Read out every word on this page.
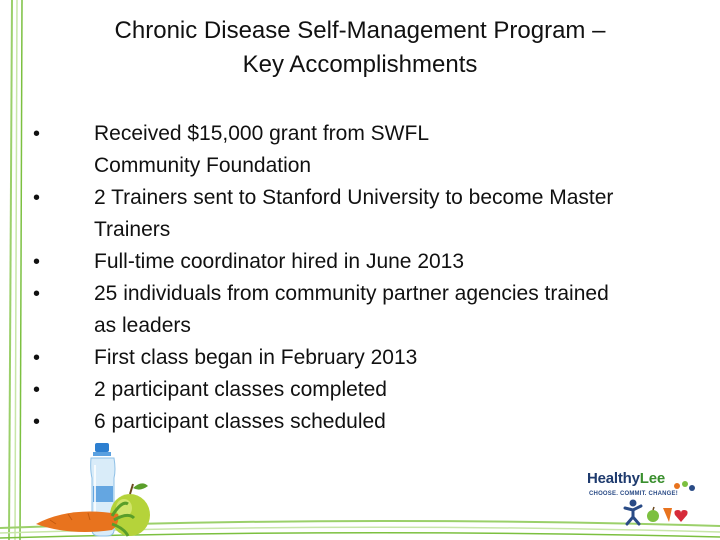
Chronic Disease Self-Management Program –
Key Accomplishments
•	Received $15,000 grant from SWFL
Community Foundation
•	2 Trainers sent to Stanford University to become Master
Trainers
•	Full-time coordinator hired in June 2013
•	25 individuals from community partner agencies trained
as leaders
•	First class began in February 2013
•	2 participant classes completed
•	6 participant classes scheduled
HealthyLee
CHOOSE. COMMIT. CHANGE!
